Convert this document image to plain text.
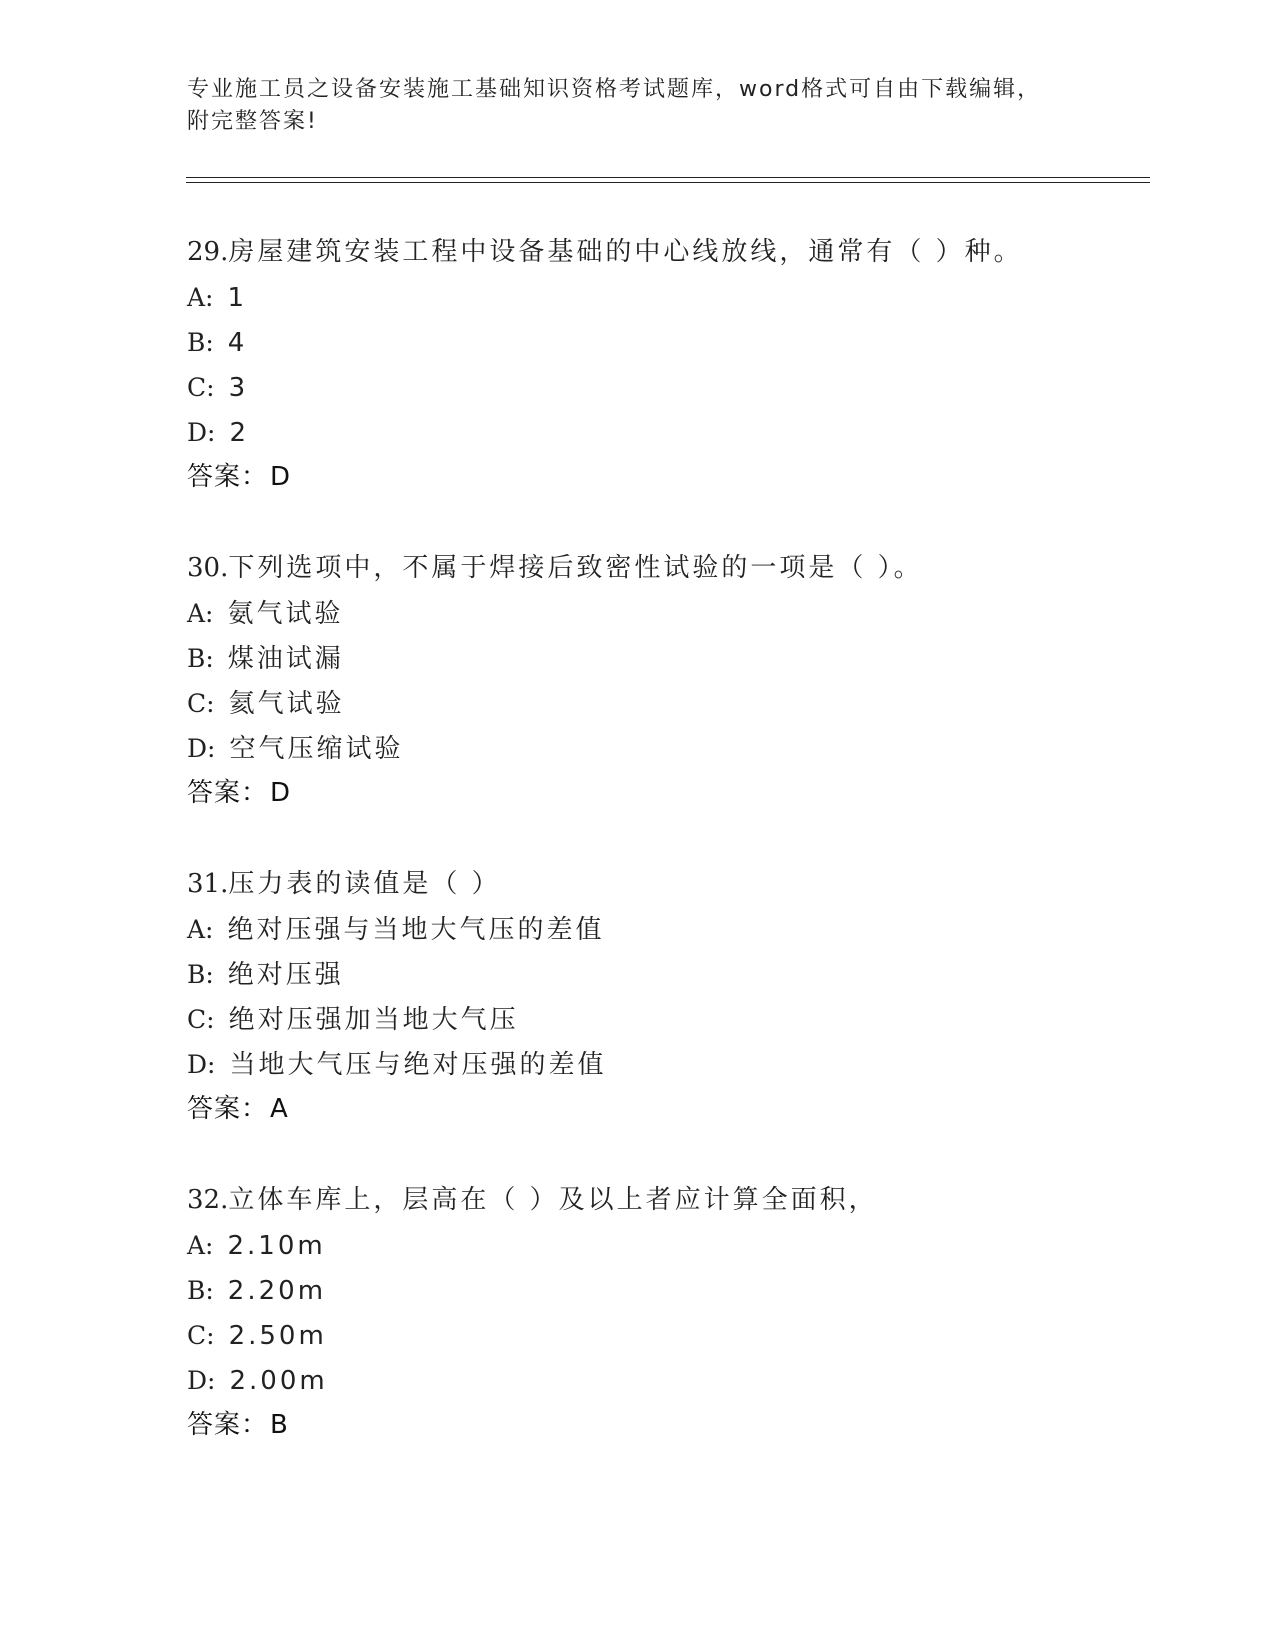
专业施工员之设备安装施工基础知识资格考试题库，word格式可自由下载编辑，
附完整答案!
29.房屋建筑安装工程中设备基础的中心线放线，通常有（ ）种。
A: 1
B: 4
C: 3
D: 2
答案：D
30.下列选项中，不属于焊接后致密性试验的一项是（ ）。
A: 氨气试验
B: 煤油试漏
C: 氦气试验
D: 空气压缩试验
答案：D
31.压力表的读值是（ ）
A: 绝对压强与当地大气压的差值
B: 绝对压强
C: 绝对压强加当地大气压
D: 当地大气压与绝对压强的差值
答案：A
32.立体车库上，层高在（ ）及以上者应计算全面积，
A: 2.10m
B: 2.20m
C: 2.50m
D: 2.00m
答案：B
